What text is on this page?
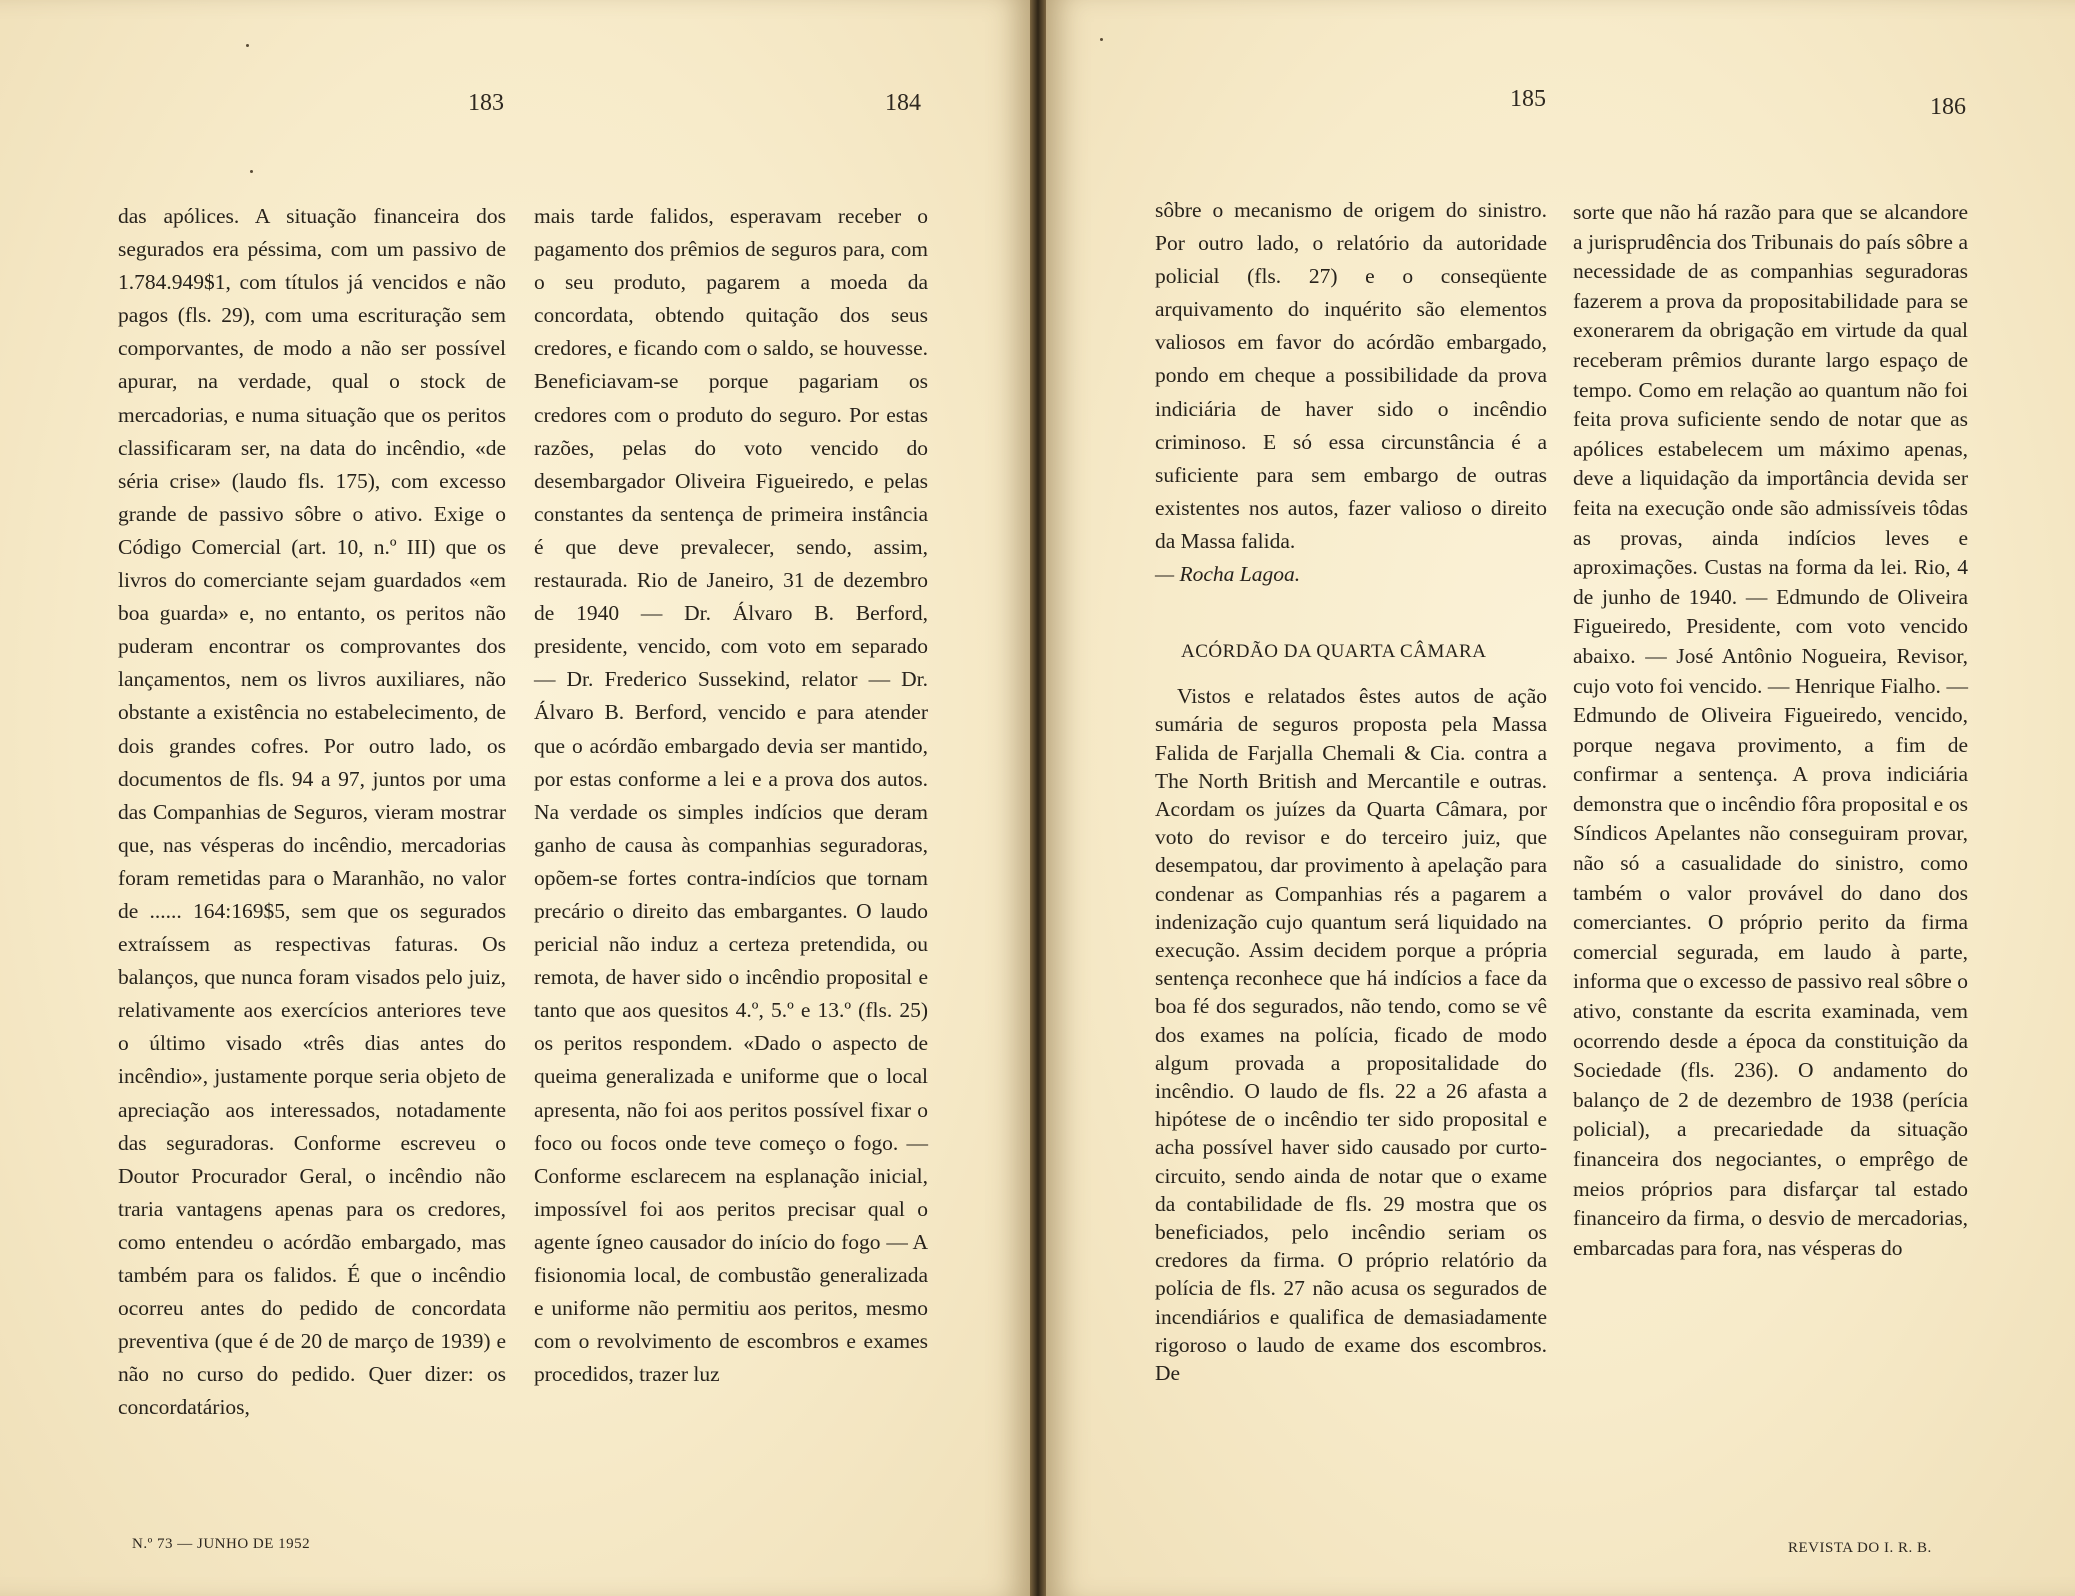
183	184	185	186

das apólices. A situação financeira dos segurados era péssima, com um passivo de 1.784.949$1, com títulos já vencidos e não pagos (fls. 29), com uma escrituração sem comporvantes, de modo a não ser possível apurar, na verdade, qual o stock de mercadorias, e numa situação que os peritos classificaram ser, na data do incêndio, «de séria crise» (laudo fls. 175), com excesso grande de passivo sôbre o ativo. Exige o Código Comercial (art. 10, n.º III) que os livros do comerciante sejam guardados «em boa guarda» e, no entanto, os peritos não puderam encontrar os comprovantes dos lançamentos, nem os livros auxiliares, não obstante a existência no estabelecimento, de dois grandes cofres. Por outro lado, os documentos de fls. 94 a 97, juntos por uma das Companhias de Seguros, vieram mostrar que, nas vésperas do incêndio, mercadorias foram remetidas para o Maranhão, no valor de ...... 164:169$5, sem que os segurados extraíssem as respectivas faturas. Os balanços, que nunca foram visados pelo juiz, relativamente aos exercícios anteriores teve o último visado «três dias antes do incêndio», justamente porque seria objeto de apreciação aos interessados, notadamente das seguradoras. Conforme escreveu o Doutor Procurador Geral, o incêndio não traria vantagens apenas para os credores, como entendeu o acórdão embargado, mas também para os falidos. É que o incêndio ocorreu antes do pedido de concordata preventiva (que é de 20 de março de 1939) e não no curso do pedido. Quer dizer: os concordatários,

mais tarde falidos, esperavam receber o pagamento dos prêmios de seguros para, com o seu produto, pagarem a moeda da concordata, obtendo quitação dos seus credores, e ficando com o saldo, se houvesse. Beneficiavam-se porque pagariam os credores com o produto do seguro. Por estas razões, pelas do voto vencido do desembargador Oliveira Figueiredo, e pelas constantes da sentença de primeira instância é que deve prevalecer, sendo, assim, restaurada. Rio de Janeiro, 31 de dezembro de 1940 — Dr. Álvaro B. Berford, presidente, vencido, com voto em separado — Dr. Frederico Sussekind, relator — Dr. Álvaro B. Berford, vencido e para atender que o acórdão embargado devia ser mantido, por estas conforme a lei e a prova dos autos. Na verdade os simples indícios que deram ganho de causa às companhias seguradoras, opõem-se fortes contra-indícios que tornam precário o direito das embargantes. O laudo pericial não induz a certeza pretendida, ou remota, de haver sido o incêndio proposital e tanto que aos quesitos 4.º, 5.º e 13.º (fls. 25) os peritos respondem. «Dado o aspecto de queima generalizada e uniforme que o local apresenta, não foi aos peritos possível fixar o foco ou focos onde teve começo o fogo. — Conforme esclarecem na esplanação inicial, impossível foi aos peritos precisar qual o agente ígneo causador do início do fogo — A fisionomia local, de combustão generalizada e uniforme não permitiu aos peritos, mesmo com o revolvimento de escombros e exames procedidos, trazer luz

sôbre o mecanismo de origem do sinistro. Por outro lado, o relatório da autoridade policial (fls. 27) e o conseqüente arquivamento do inquérito são elementos valiosos em favor do acórdão embargado, pondo em cheque a possibilidade da prova indiciária de haver sido o incêndio criminoso. E só essa circunstância é a suficiente para sem embargo de outras existentes nos autos, fazer valioso o direito da Massa falida.

— Rocha Lagoa.

ACÓRDÃO DA QUARTA CÂMARA

Vistos e relatados êstes autos de ação sumária de seguros proposta pela Massa Falida de Farjalla Chemali & Cia. contra a The North British and Mercantile e outras. Acordam os juízes da Quarta Câmara, por voto do revisor e do terceiro juiz, que desempatou, dar provimento à apelação para condenar as Companhias rés a pagarem a indenização cujo quantum será liquidado na execução. Assim decidem porque a própria sentença reconhece que há indícios a face da boa fé dos segurados, não tendo, como se vê dos exames na polícia, ficado de modo algum provada a propositalidade do incêndio. O laudo de fls. 22 a 26 afasta a hipótese de o incêndio ter sido proposital e acha possível haver sido causado por curto-circuito, sendo ainda de notar que o exame da contabilidade de fls. 29 mostra que os beneficiados, pelo incêndio seriam os credores da firma. O próprio relatório da polícia de fls. 27 não acusa os segurados de incendiários e qualifica de demasiadamente rigoroso o laudo de exame dos escombros. De

sorte que não há razão para que se alcandore a jurisprudência dos Tribunais do país sôbre a necessidade de as companhias seguradoras fazerem a prova da propositabilidade para se exonerarem da obrigação em virtude da qual receberam prêmios durante largo espaço de tempo. Como em relação ao quantum não foi feita prova suficiente sendo de notar que as apólices estabelecem um máximo apenas, deve a liquidação da importância devida ser feita na execução onde são admissíveis tôdas as provas, ainda indícios leves e aproximações. Custas na forma da lei. Rio, 4 de junho de 1940. — Edmundo de Oliveira Figueiredo, Presidente, com voto vencido abaixo. — José Antônio Nogueira, Revisor, cujo voto foi vencido. — Henrique Fialho. — Edmundo de Oliveira Figueiredo, vencido, porque negava provimento, a fim de confirmar a sentença. A prova indiciária demonstra que o incêndio fôra proposital e os Síndicos Apelantes não conseguiram provar, não só a casualidade do sinistro, como também o valor provável do dano dos comerciantes. O próprio perito da firma comercial segurada, em laudo à parte, informa que o excesso de passivo real sôbre o ativo, constante da escrita examinada, vem ocorrendo desde a época da constituição da Sociedade (fls. 236). O andamento do balanço de 2 de dezembro de 1938 (perícia policial), a precariedade da situação financeira dos negociantes, o emprêgo de meios próprios para disfarçar tal estado financeiro da firma, o desvio de mercadorias, embarcadas para fora, nas vésperas do

N.º 73 — JUNHO DE 1952	REVISTA DO I. R. B.
